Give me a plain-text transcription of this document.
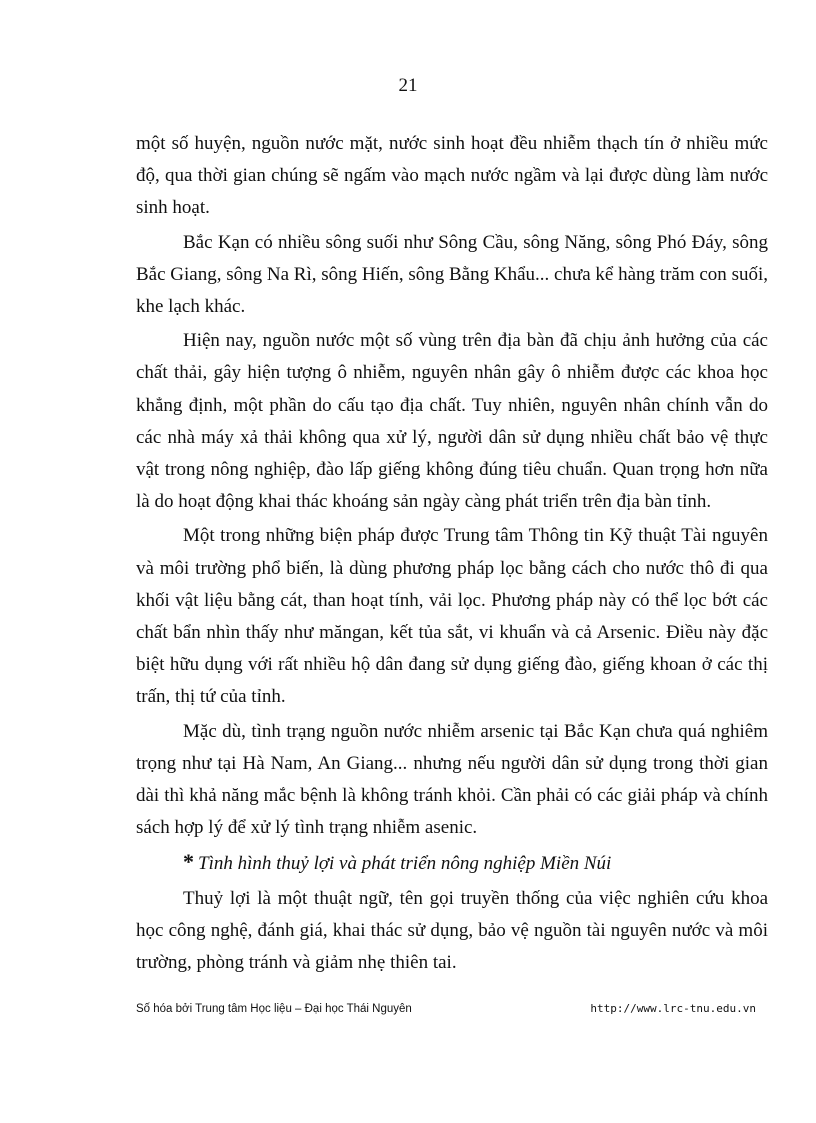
21

một số huyện, nguồn nước mặt, nước sinh hoạt đều nhiễm thạch tín ở nhiều mức độ, qua thời gian chúng sẽ ngấm vào mạch nước ngầm và lại được dùng làm nước sinh hoạt.

Bắc Kạn có nhiều sông suối như Sông Cầu, sông Năng, sông Phó Đáy, sông Bắc Giang, sông Na Rì, sông Hiến, sông Bằng Khẩu... chưa kể hàng trăm con suối, khe lạch khác.

Hiện nay, nguồn nước một số vùng trên địa bàn đã chịu ảnh hưởng của các chất thải, gây hiện tượng ô nhiễm, nguyên nhân gây ô nhiễm được các khoa học khẳng định, một phần do cấu tạo địa chất. Tuy nhiên, nguyên nhân chính vẫn do các nhà máy xả thải không qua xử lý, người dân sử dụng nhiều chất bảo vệ thực vật trong nông nghiệp, đào lấp giếng không đúng tiêu chuẩn. Quan trọng hơn nữa là do hoạt động khai thác khoáng sản ngày càng phát triển trên địa bàn tỉnh.

Một trong những biện pháp được Trung tâm Thông tin Kỹ thuật Tài nguyên và môi trường phổ biến, là dùng phương pháp lọc bằng cách cho nước thô đi qua khối vật liệu bằng cát, than hoạt tính, vải lọc. Phương pháp này có thể lọc bớt các chất bẩn nhìn thấy như măngan, kết tủa sắt, vi khuẩn và cả Arsenic. Điều này đặc biệt hữu dụng với rất nhiều hộ dân đang sử dụng giếng đào, giếng khoan ở các thị trấn, thị tứ của tỉnh.

Mặc dù, tình trạng nguồn nước nhiễm arsenic tại Bắc Kạn chưa quá nghiêm trọng như tại Hà Nam, An Giang... nhưng nếu người dân sử dụng trong thời gian dài thì khả năng mắc bệnh là không tránh khỏi. Cần phải có các giải pháp và chính sách hợp lý để xử lý tình trạng nhiễm asenic.

* Tình hình thuỷ lợi và phát triển nông nghiệp Miền Núi

Thuỷ lợi là một thuật ngữ, tên gọi truyền thống của việc nghiên cứu khoa học công nghệ, đánh giá, khai thác sử dụng, bảo vệ nguồn tài nguyên nước và môi trường, phòng tránh và giảm nhẹ thiên tai.

Số hóa bởi Trung tâm Học liệu – Đại học Thái Nguyên	http://www.lrc-tnu.edu.vn
